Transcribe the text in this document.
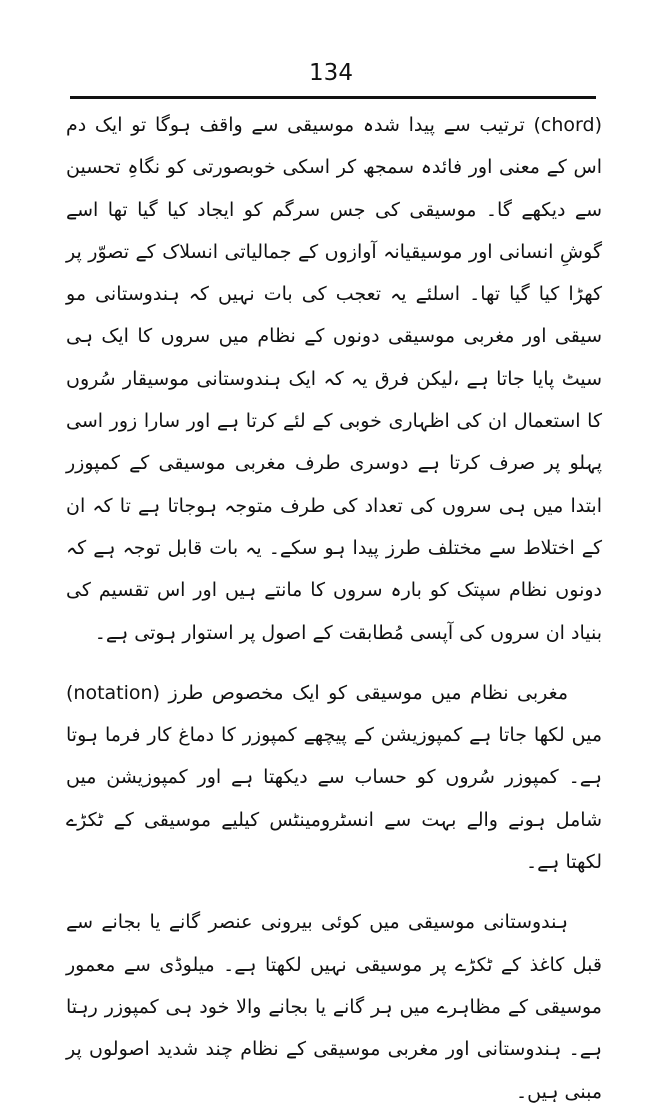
134

(chord) ترتیب سے پیدا شدہ موسیقی سے واقف ہوگا تو ایک دم اس کے معنی اور فائدہ سمجھ کر اسکی خوبصورتی کو نگاہِ تحسین سے دیکھے گا۔ موسیقی کی جس سرگم کو ایجاد کیا گیا تھا اسے گوشِ انسانی اور موسیقیانہ آوازوں کے جمالیاتی انسلاک کے تصوّر پر کھڑا کیا گیا تھا۔ اسلئے یہ تعجب کی بات نہیں کہ ہندوستانی مو سیقی اور مغربی موسیقی دونوں کے نظام میں سروں کا ایک ہی سیٹ پایا جاتا ہے ،لیکن فرق یہ کہ ایک ہندوستانی موسیقار سُروں کا استعمال ان کی اظہاری خوبی کے لئے کرتا ہے اور سارا زور اسی پہلو پر صرف کرتا ہے دوسری طرف مغربی موسیقی کے کمپوزر ابتدا میں ہی سروں کی تعداد کی طرف متوجہ ہوجاتا ہے تا کہ ان کے اختلاط سے مختلف طرز پیدا ہو سکے۔ یہ بات قابل توجہ ہے کہ دونوں نظام سپتک کو بارہ سروں کا مانتے ہیں اور اس تقسیم کی بنیاد ان سروں کی آپسی مُطابقت کے اصول پر استوار ہوتی ہے۔

مغربی نظام میں موسیقی کو ایک مخصوص طرز (notation) میں لکھا جاتا ہے کمپوزیشن کے پیچھے کمپوزر کا دماغ کار فرما ہوتا ہے۔ کمپوزر سُروں کو حساب سے دیکھتا ہے اور کمپوزیشن میں شامل ہونے والے بہت سے انسٹرومینٹس کیلیے موسیقی کے ٹکڑے لکھتا ہے۔

ہندوستانی موسیقی میں کوئی بیرونی عنصر گانے یا بجانے سے قبل کاغذ کے ٹکڑے پر موسیقی نہیں لکھتا ہے۔ میلوڈی سے معمور موسیقی کے مظاہرے میں ہر گانے یا بجانے والا خود ہی کمپوزر رہتا ہے۔ ہندوستانی اور مغربی موسیقی کے نظام چند شدید اصولوں پر مبنی ہیں۔
